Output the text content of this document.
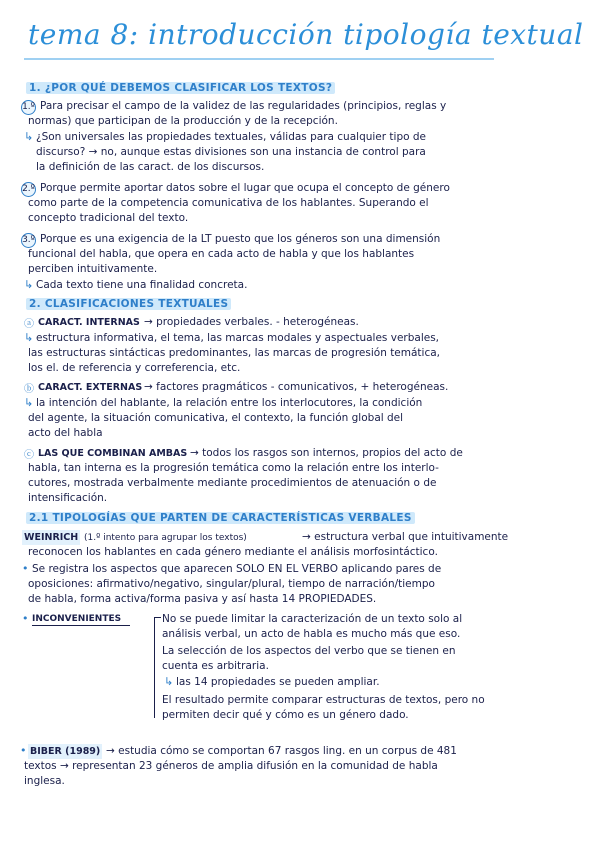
tema 8: introducción tipología textual
1. ¿POR QUÉ DEBEMOS CLASIFICAR LOS TEXTOS?
1.º Para precisar el campo de la validez de las regularidades (principios, reglas y
normas) que participan de la producción y de la recepción.
↳ ¿Son universales las propiedades textuales, válidas para cualquier tipo de
discurso? → no, aunque estas divisiones son una instancia de control para
la definición de las caract. de los discursos.
2.º Porque permite aportar datos sobre el lugar que ocupa el concepto de género
como parte de la competencia comunicativa de los hablantes. Superando el
concepto tradicional del texto.
3.º Porque es una exigencia de la LT puesto que los géneros son una dimensión
funcional del habla, que opera en cada acto de habla y que los hablantes
perciben intuitivamente.
↳ Cada texto tiene una finalidad concreta.
2. CLASIFICACIONES TEXTUALES
ⓐ CARACT. INTERNAS → propiedades verbales. - heterogéneas.
↳ estructura informativa, el tema, las marcas modales y aspectuales verbales,
las estructuras sintácticas predominantes, las marcas de progresión temática,
los el. de referencia y correferencia, etc.
ⓑ CARACT. EXTERNAS → factores pragmáticos - comunicativos, + heterogéneas.
↳ la intención del hablante, la relación entre los interlocutores, la condición
del agente, la situación comunicativa, el contexto, la función global del
acto del habla
ⓒ LAS QUE COMBINAN AMBAS → todos los rasgos son internos, propios del acto de
habla, tan interna es la progresión temática como la relación entre los interlo-
cutores, mostrada verbalmente mediante procedimientos de atenuación o de
intensificación.
2.1 TIPOLOGÍAS QUE PARTEN DE CARACTERÍSTICAS VERBALES
WEINRICH (1.º intento para agrupar los textos)	→ estructura verbal que intuitivamente
reconocen los hablantes en cada género mediante el análisis morfosintáctico.
• Se registra los aspectos que aparecen SOLO EN EL VERBO aplicando pares de
oposiciones: afirmativo/negativo, singular/plural, tiempo de narración/tiempo
de habla, forma activa/forma pasiva y así hasta 14 PROPIEDADES.
• INCONVENIENTES	No se puede limitar la caracterización de un texto solo al
análisis verbal, un acto de habla es mucho más que eso.
La selección de los aspectos del verbo que se tienen en
cuenta es arbitraria.
↳ las 14 propiedades se pueden ampliar.
El resultado permite comparar estructuras de textos, pero no
permiten decir qué y cómo es un género dado.
• BIBER (1989) → estudia cómo se comportan 67 rasgos ling. en un corpus de 481
textos → representan 23 géneros de amplia difusión en la comunidad de habla
inglesa.
